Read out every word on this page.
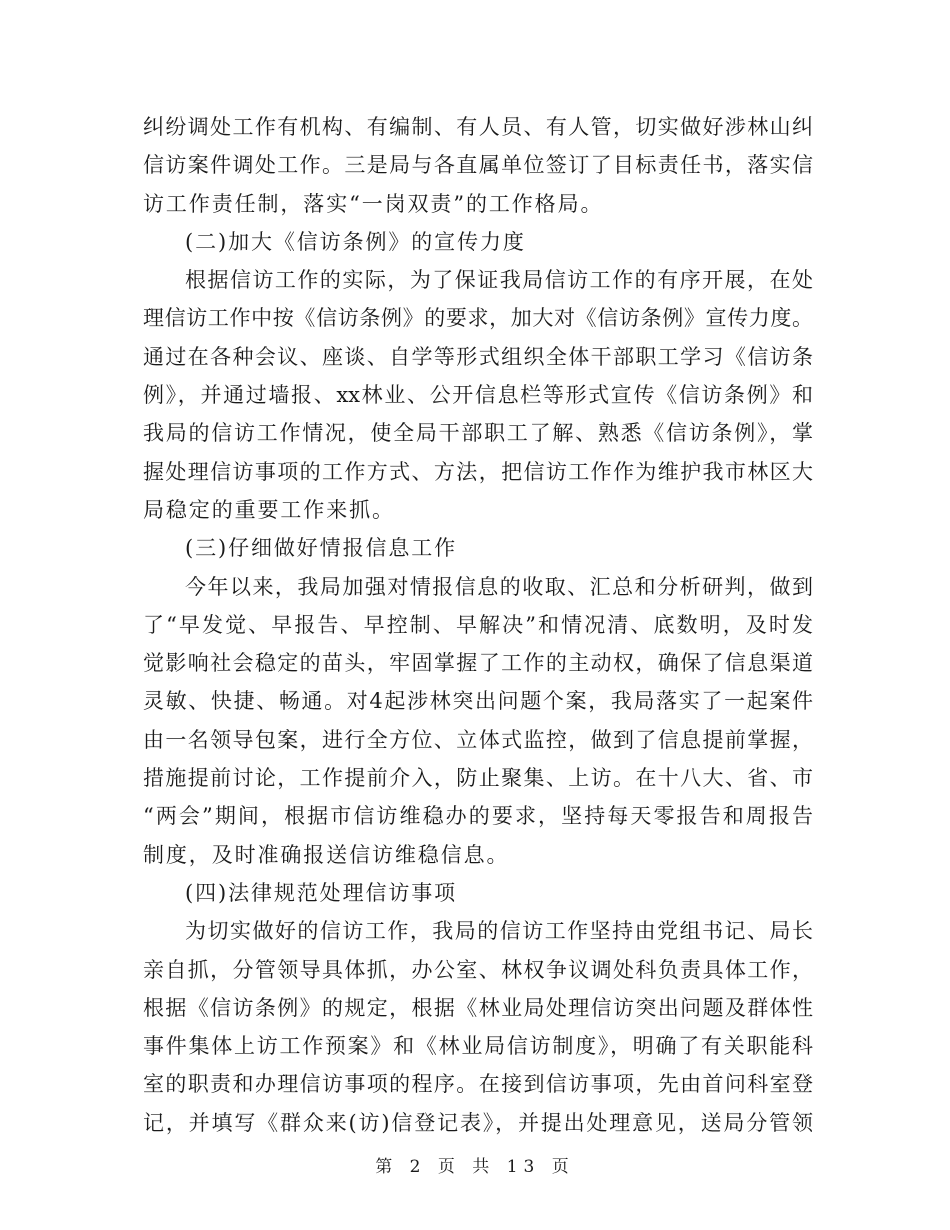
纠纷调处工作有机构、有编制、有人员、有人管，切实做好涉林山纠
信访案件调处工作。三是局与各直属单位签订了目标责任书，落实信
访工作责任制，落实“一岗双责”的工作格局。
(二)加大《信访条例》的宣传力度
根据信访工作的实际，为了保证我局信访工作的有序开展，在处
理信访工作中按《信访条例》的要求，加大对《信访条例》宣传力度。
通过在各种会议、座谈、自学等形式组织全体干部职工学习《信访条
例》，并通过墙报、xx林业、公开信息栏等形式宣传《信访条例》和
我局的信访工作情况，使全局干部职工了解、熟悉《信访条例》，掌
握处理信访事项的工作方式、方法，把信访工作作为维护我市林区大
局稳定的重要工作来抓。
(三)仔细做好情报信息工作
今年以来，我局加强对情报信息的收取、汇总和分析研判，做到
了“早发觉、早报告、早控制、早解决”和情况清、底数明，及时发
觉影响社会稳定的苗头，牢固掌握了工作的主动权，确保了信息渠道
灵敏、快捷、畅通。对4起涉林突出问题个案，我局落实了一起案件
由一名领导包案，进行全方位、立体式监控，做到了信息提前掌握，
措施提前讨论，工作提前介入，防止聚集、上访。在十八大、省、市
“两会”期间，根据市信访维稳办的要求，坚持每天零报告和周报告
制度，及时准确报送信访维稳信息。
(四)法律规范处理信访事项
为切实做好的信访工作，我局的信访工作坚持由党组书记、局长
亲自抓，分管领导具体抓，办公室、林权争议调处科负责具体工作，
根据《信访条例》的规定，根据《林业局处理信访突出问题及群体性
事件集体上访工作预案》和《林业局信访制度》，明确了有关职能科
室的职责和办理信访事项的程序。在接到信访事项，先由首问科室登
记，并填写《群众来(访)信登记表》，并提出处理意见，送局分管领
第 2 页 共 13 页
